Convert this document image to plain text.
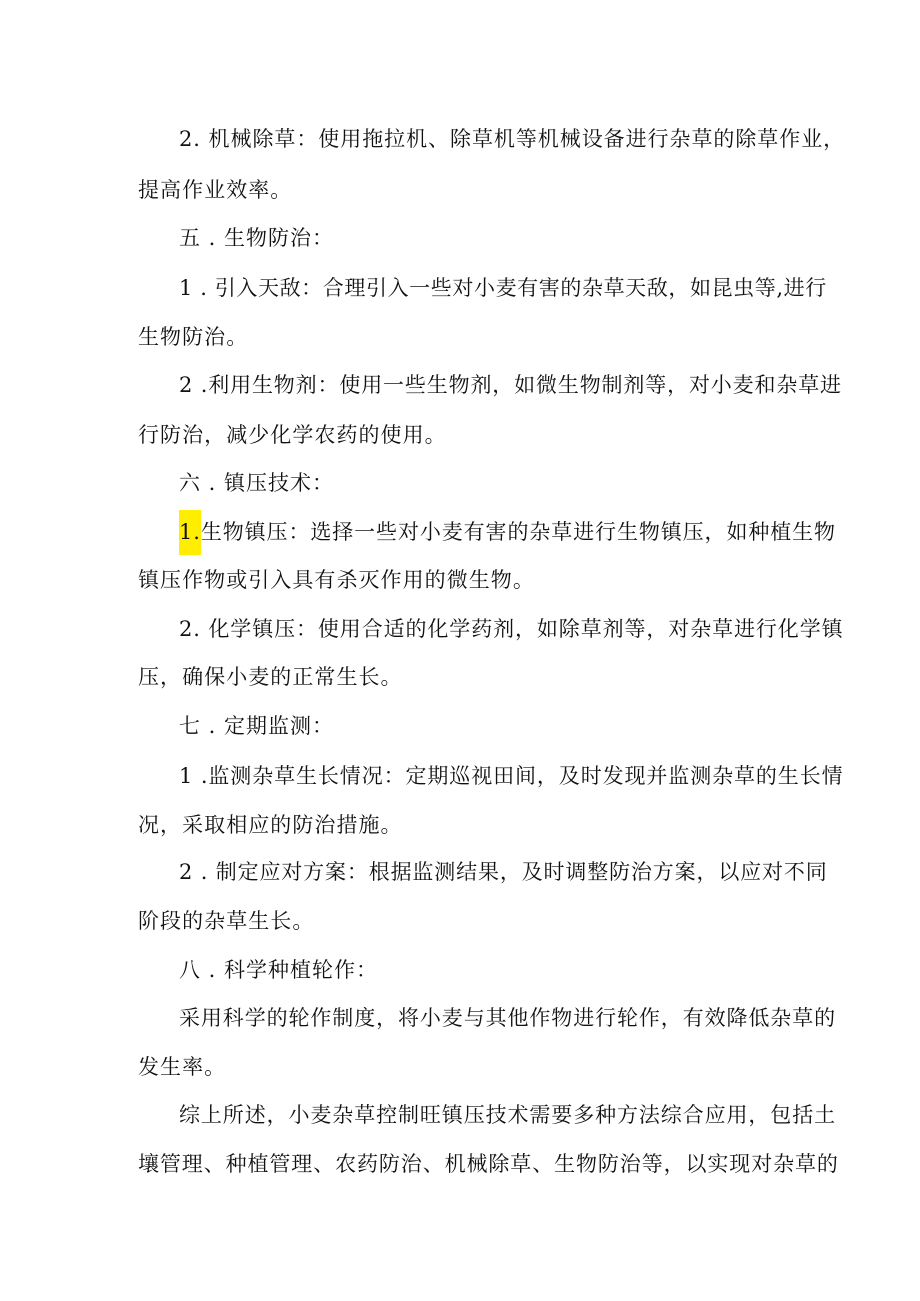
2. 机械除草：使用拖拉机、除草机等机械设备进行杂草的除草作业，
提高作业效率。
五 . 生物防治：
1 . 引入天敌：合理引入一些对小麦有害的杂草天敌，如昆虫等,进行
生物防治。
2 .利用生物剂：使用一些生物剂，如微生物制剂等，对小麦和杂草进
行防治，减少化学农药的使用。
六 . 镇压技术：
1.生物镇压：选择一些对小麦有害的杂草进行生物镇压，如种植生物
镇压作物或引入具有杀灭作用的微生物。
2. 化学镇压：使用合适的化学药剂，如除草剂等，对杂草进行化学镇
压，确保小麦的正常生长。
七 . 定期监测：
1 .监测杂草生长情况：定期巡视田间，及时发现并监测杂草的生长情
况，采取相应的防治措施。
2 . 制定应对方案：根据监测结果，及时调整防治方案，以应对不同
阶段的杂草生长。
八 . 科学种植轮作：
采用科学的轮作制度，将小麦与其他作物进行轮作，有效降低杂草的
发生率。
综上所述，小麦杂草控制旺镇压技术需要多种方法综合应用，包括土
壤管理、种植管理、农药防治、机械除草、生物防治等，以实现对杂草的
